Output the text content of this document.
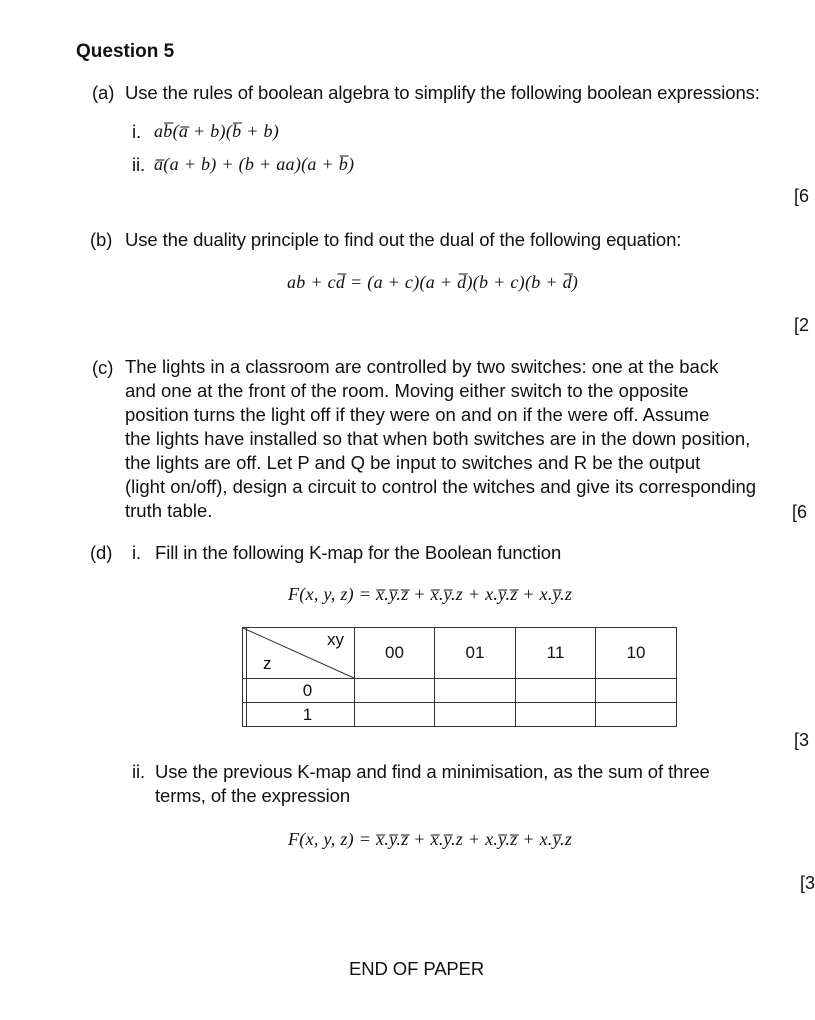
Question 5
(a) Use the rules of boolean algebra to simplify the following boolean expressions:
i. ab̅̅(a̅ + b)(b̅ + b)
ii. a̅(a + b) + (b + aa)(a + b̅)
[6
(b) Use the duality principle to find out the dual of the following equation:
ab + cd̅ = (a + c)(a + d̅)(b + c)(b + d̅)
[2
(c) The lights in a classroom are controlled by two switches: one at the back
and one at the front of the room. Moving either switch to the opposite
position turns the light off if they were on and on if the were off. Assume
the lights have installed so that when both switches are in the down position,
the lights are off. Let P and Q be input to switches and R be the output
(light on/off), design a circuit to control the witches and give its corresponding
truth table.	[6
(d) i. Fill in the following K-map for the Boolean function
F(x, y, z) = x̅.y̅.z̅ + x̅.y̅.z + x.y̅.z̅ + x.y̅.z
xy
z	00	01	11	10
0				
1				
[3
ii. Use the previous K-map and find a minimisation, as the sum of three
terms, of the expression
F(x, y, z) = x̅.y̅.z̅ + x̅.y̅.z + x.y̅.z̅ + x.y̅.z
[3
END OF PAPER
